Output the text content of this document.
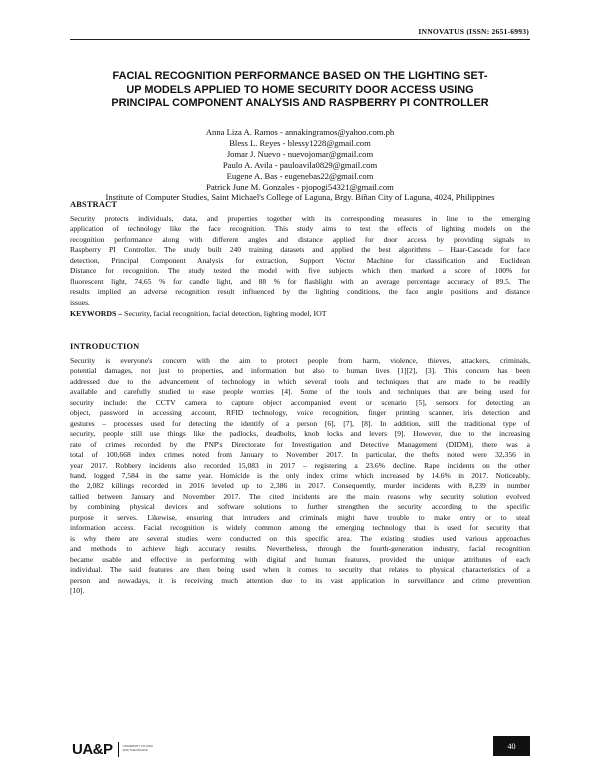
INNOVATUS (ISSN: 2651-6993)
FACIAL RECOGNITION PERFORMANCE BASED ON THE LIGHTING SET-
UP MODELS APPLIED TO HOME SECURITY DOOR ACCESS USING
PRINCIPAL COMPONENT ANALYSIS AND RASPBERRY PI CONTROLLER
Anna Liza A. Ramos - annakingramos@yahoo.com.ph
Bless L. Reyes - blessy1228@gmail.com
Jomar J. Nuevo - nuevojomar@gmail.com
Paulo A. Avila - pauloavila0829@gmail.com
Eugene A. Bas - eugenebas22@gmail.com
Patrick June M. Gonzales - pjopogi54321@gmail.com
Institute of Computer Studies, Saint Michael's College of Laguna, Brgy. Biñan City of Laguna, 4024, Philippines
ABSTRACT
Security protects individuals, data, and properties together with its corresponding measures in line to the emerging
application of technology like the face recognition. This study aims to test the effects of lighting models on the
recognition performance along with different angles and distance applied for door access by providing signals to
Raspberry PI Controller. The study built 240 training datasets and applied the best algorithms – Haar-Cascade for face
detection, Principal Component Analysis for extraction, Support Vector Machine for classification and Euclidean
Distance for recognition. The study tested the model with five subjects which then marked a score of 100% for
fluorescent light, 74.65 % for candle light, and 88 % for flashlight with an average percentage accuracy of 89.5. The
results implied an adverse recognition result influenced by the lighting conditions, the face angle positions and distance
issues.
KEYWORDS – Security, facial recognition, facial detection, lighting model, IOT
INTRODUCTION
Security is everyone's concern with the aim to protect people from harm, violence, thieves, attackers, criminals,
potential damages, not just to properties, and information but also to human lives [1][2], [3]. This concern has been
addressed due to the advancement of technology in which several tools and techniques that are made to be readily
available and carefully studied to ease people worries [4]. Some of the tools and techniques that are being used for
security include: the CCTV camera to capture object accompanied event or scenario [5], sensors for detecting an
object, password in accessing account, RFID technology, voice recognition, finger printing scanner, iris detection and
gestures – processes used for detecting the identify of a person [6], [7], [8]. In addition, still the traditional type of
security, people still use things like the padlocks, deadbolts, knob locks and levers [9]. However, due to the increasing
rate of crimes recorded by the PNP's Directorate for Investigation and Detective Management (DIDM), there was a
total of 100,668 index crimes noted from January to November 2017. In particular, the thefts noted were 32,356 in
year 2017. Robbery incidents also recorded 15,083 in 2017 – registering a 23.6% decline. Rape incidents on the other
hand, logged 7,584 in the same year. Homicide is the only index crime which increased by 14.6% in 2017. Noticeably,
the 2,082 killings recorded in 2016 leveled up to 2,386 in 2017. Consequently, murder incidents with 8,239 in number
tallied between January and November 2017. The cited incidents are the main reasons why security solution evolved
by combining physical devices and software solutions to further strengthen the security according to the specific
purpose it serves. Likewise, ensuring that intruders and criminals might have trouble to make entry or to steal
information access. Facial recognition is widely common among the emerging technology that is used for security that
is why there are several studies were conducted on this specific area. The existing studies used various approaches
and methods to achieve high accuracy results. Nevertheless, through the fourth-generation industry, facial recognition
became usable and effective in performing with digital and human features, provided the unique attributes of each
individual. The said features are then being used when it comes to security that relates to physical characteristics of a
person and nowadays, it is receiving much attention due to its vast application in surveillance and crime prevention
[10].
UA&P	UNIVERSITY OF ASIA
AND THE PACIFIC	40
